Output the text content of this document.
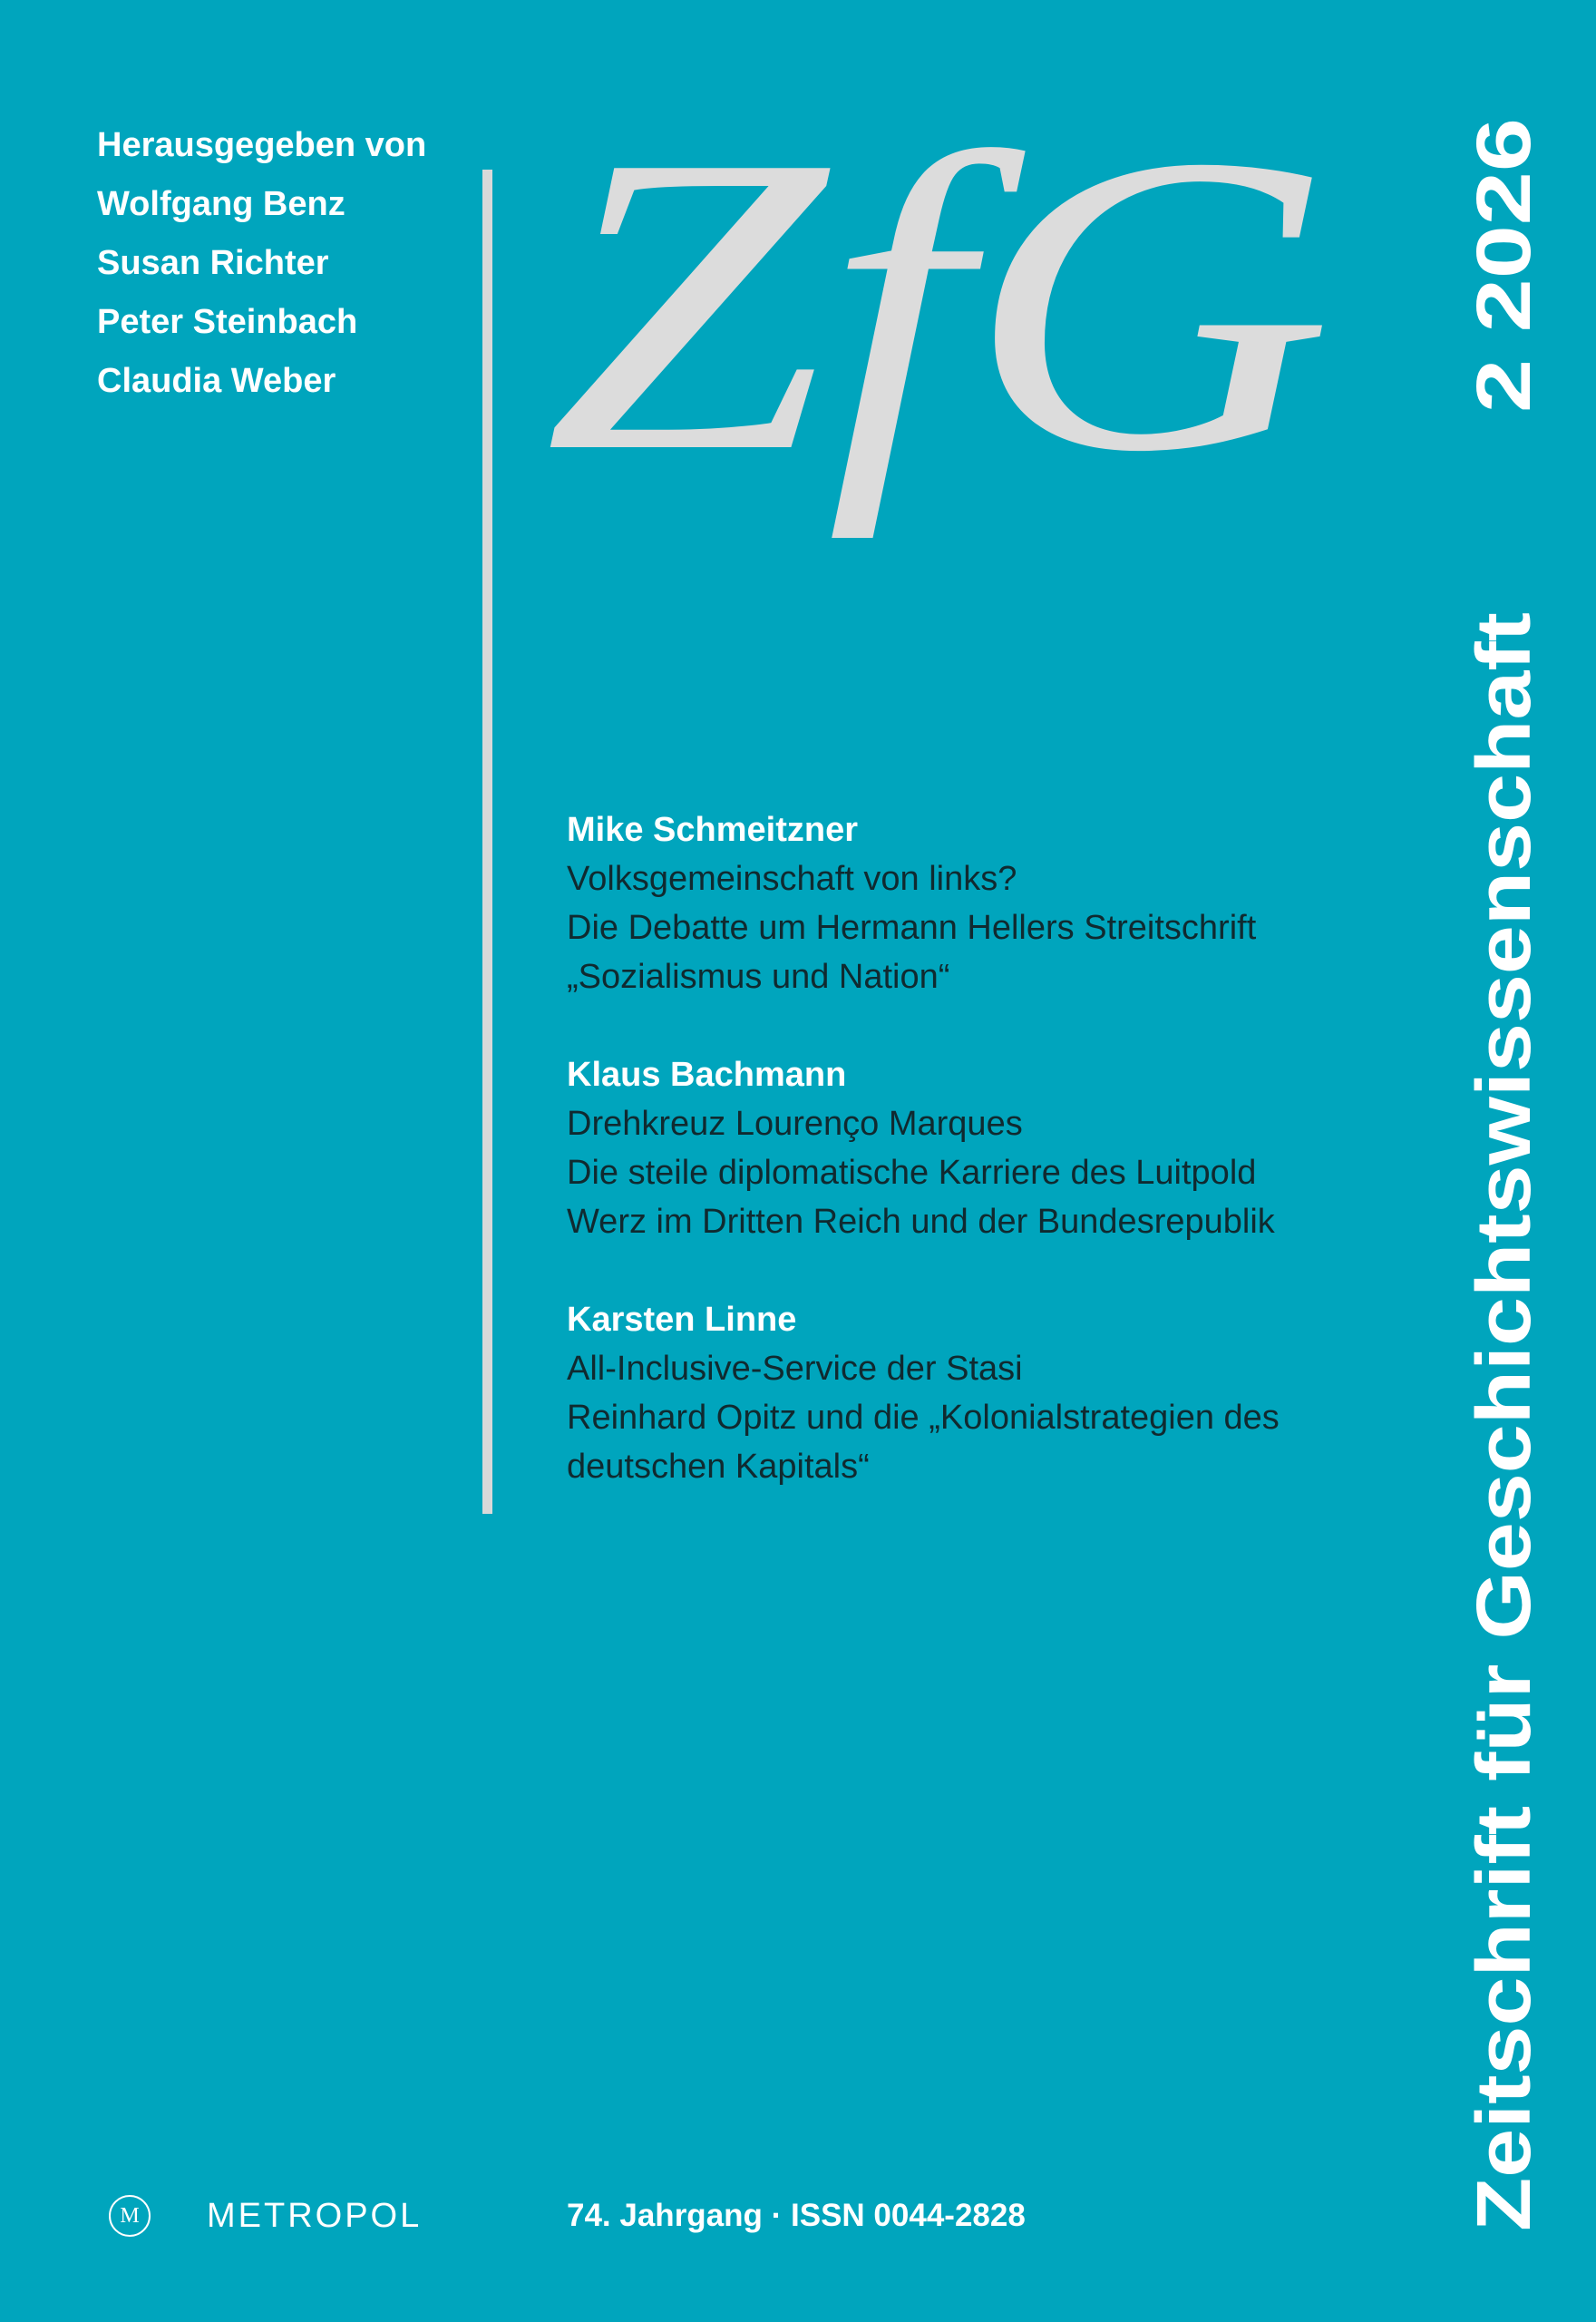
Herausgegeben von
Wolfgang Benz
Susan Richter
Peter Steinbach
Claudia Weber ZfG
Mike Schmeitzner
Volksgemeinschaft von links?
Die Debatte um Hermann Hellers Streitschrift
„Sozialismus und Nation“
Klaus Bachmann
Drehkreuz Lourenço Marques
Die steile diplomatische Karriere des Luitpold
Werz im Dritten Reich und der Bundesrepublik
Karsten Linne
All-Inclusive-Service der Stasi
Reinhard Opitz und die „Kolonialstrategien des
deutschen Kapitals“	Zeitschrift für Geschichtswissenschaft
2 2026
M	METROPOL	74. Jahrgang · ISSN 0044-2828
